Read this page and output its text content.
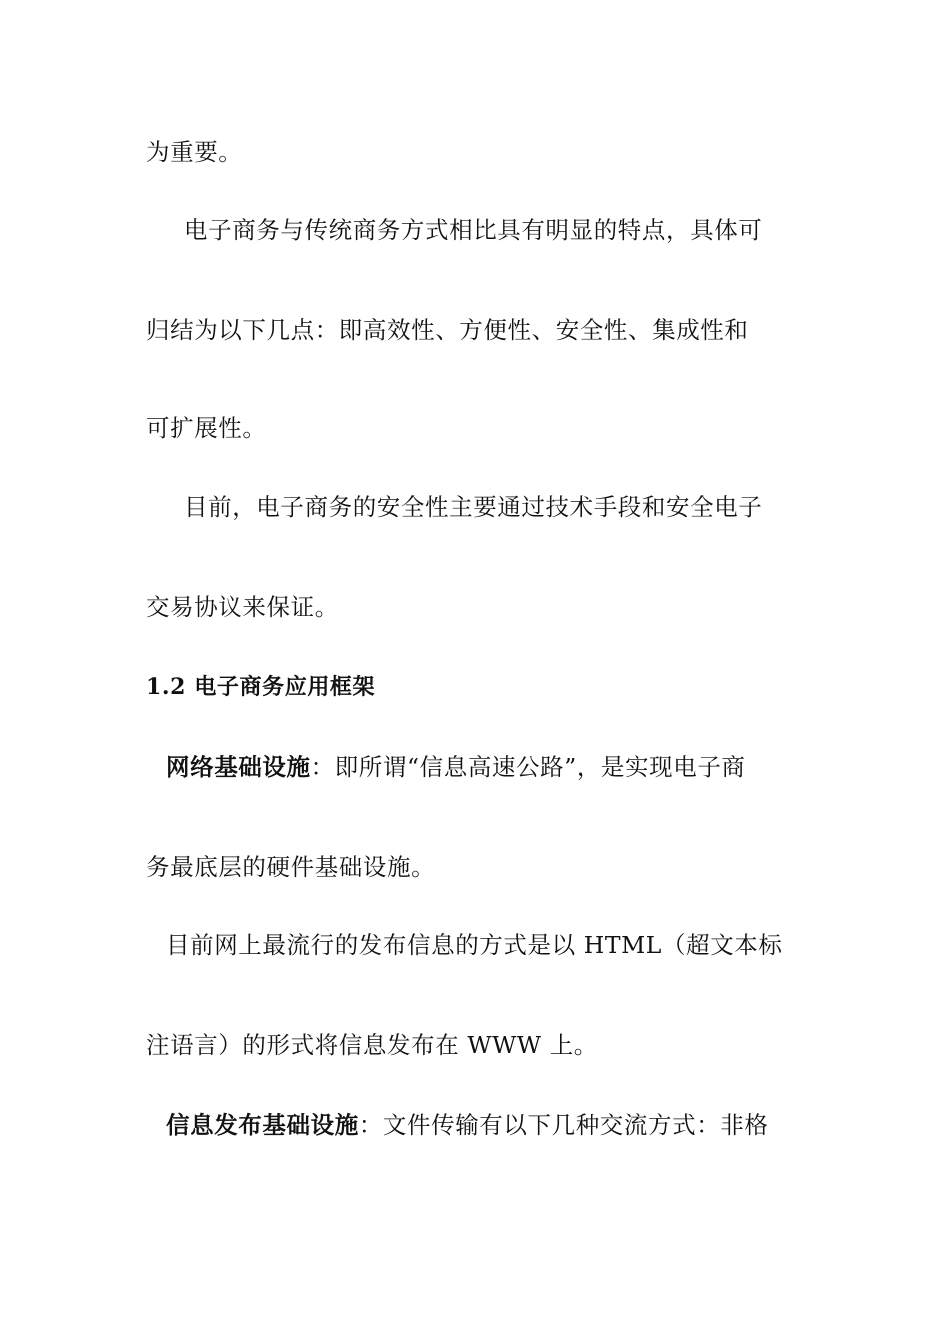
为重要。
电子商务与传统商务方式相比具有明显的特点，具体可
归结为以下几点：即高效性、方便性、安全性、集成性和
可扩展性。
目前，电子商务的安全性主要通过技术手段和安全电子
交易协议来保证。
1.2 电子商务应用框架
网络基础设施：即所谓“信息高速公路”，是实现电子商
务最底层的硬件基础设施。
目前网上最流行的发布信息的方式是以 HTML（超文本标
注语言）的形式将信息发布在 WWW 上。
信息发布基础设施：文件传输有以下几种交流方式：非格
